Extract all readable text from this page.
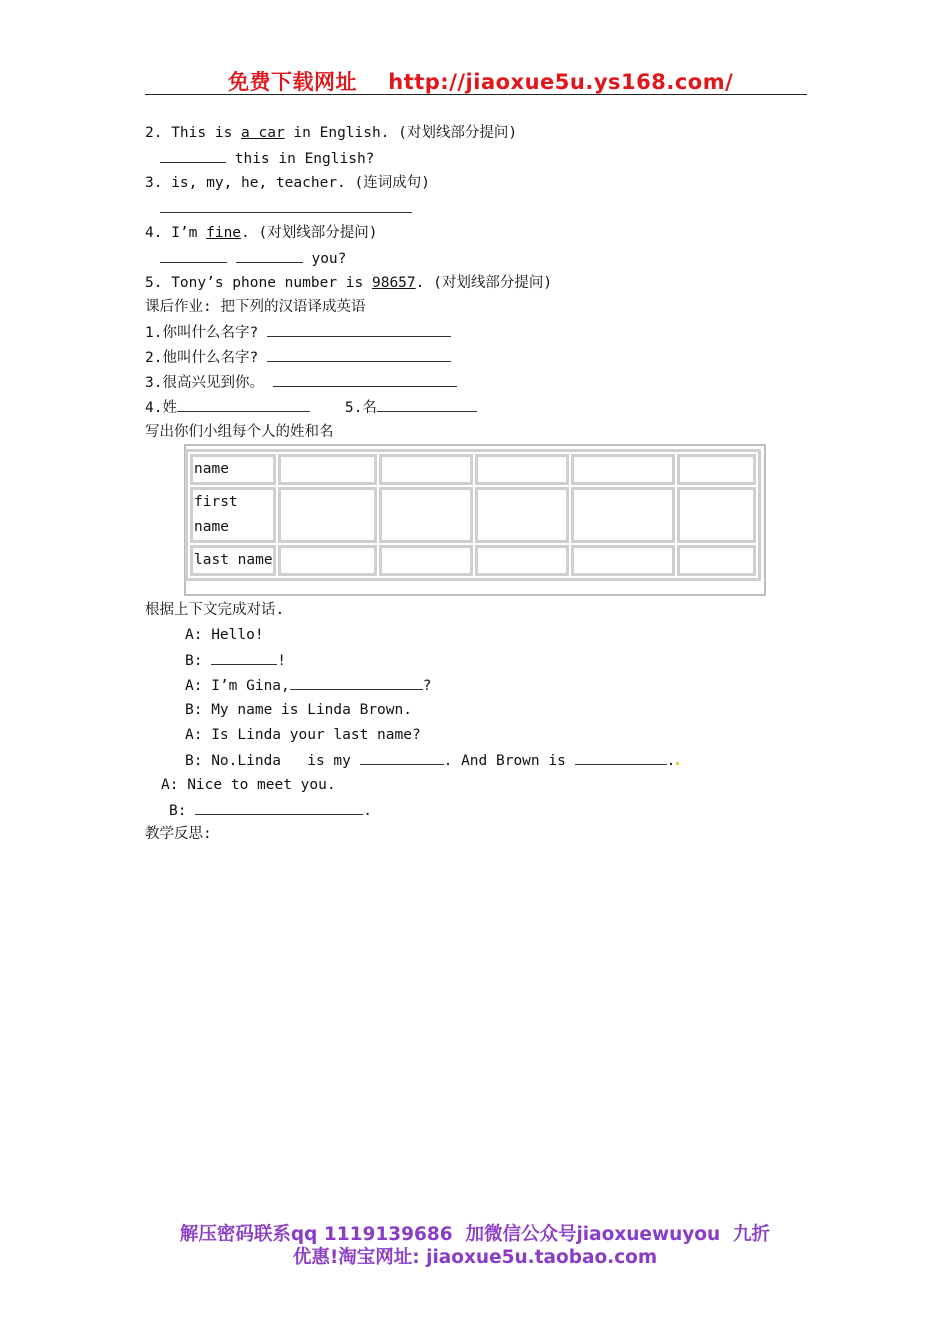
免费下载网址 http://jiaoxue5u.ys168.com/
2. This is a car in English. (对划线部分提问)
this in English?
3. is, my, he, teacher. (连词成句)
4. I’m fine. (对划线部分提问)
you?
5. Tony’s phone number is 98657. (对划线部分提问)
课后作业: 把下列的汉语译成英语
1.你叫什么名字?
2.他叫什么名字?
3.很高兴见到你。
4.姓	5.名
写出你们小组每个人的姓和名
name					
first name					
last name					
根据上下文完成对话.
A: Hello!
B:	!
A: I’m Gina,	?
B: My name is Linda Brown.
A: Is Linda your last name?
B: No.Linda   is my	. And Brown is	.
A: Nice to meet you.
B:	.
教学反思:
解压密码联系qq 1119139686  加微信公众号jiaoxuewuyou  九折
优惠!淘宝网址: jiaoxue5u.taobao.com
